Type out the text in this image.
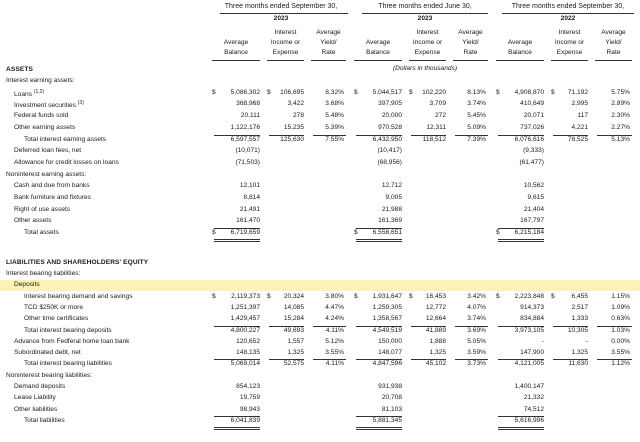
Three months ended September 30,
2023
Three months ended June 30,
2023
Three months ended September 30,
2022
Average
Balance
Interest
Income or
Expense
Average
Yield/
Rate
Average
Balance
Interest
Income or
Expense
Average
Yield/
Rate
Average
Balance
Interest
Income or
Expense
Average
Yield/
Rate
(Dollars in thousands)
ASSETS
LIABILITIES AND SHAREHOLDERS' EQUITY
Interest earning assets:
Loans $^{(1,2)}$	$	5,086,302 $	106,695	8.32% $	5,044,517 $	102,220	8.13% $	4,908,870 $	71,192	5.75%
Investment securities $^{(3)}$	368,968	3,422	3.68%	397,905	3,709	3.74%	410,649	2,995	2.89%
Federal funds sold	20,111	278	5.48%	20,000	272	5.45%	20,071	117	2.30%
Other earning assets	1,122,176	15,235	5.39%	970,528	12,311	5.09%	737,026	4,221	2.27%
Total interest earning assets	6,597,557	125,630	7.55%	6,432,950	118,512	7.39%	6,076,616	78,525	5.13%
Deferred loan fees, net	(10,071)	(10,417)	(9,333)
Allowance for credit losses on loans	(71,503)	(68,956)	(61,477)
Noninterest earning assets:
Cash and due from banks	12,101	12,712	10,562
Bank furniture and fixtures	8,814	9,005	9,615
Right of use assets	21,491	21,988	21,404
Other assets	161,470	161,369	167,797
Total assets	$	6,719,659	$	6,558,651	$	6,215,184
Interest bearing liabilities:
Deposits
Interest bearing demand and savings	$	2,119,373 $	20,324	3.80% $	1,931,647 $	16,453	3.42% $	2,223,848 $	6,455	1.15%
TCD $250K or more	1,251,397	14,085	4.47%	1,259,305	12,772	4.07%	914,373	2,517	1.09%
Other time certificates	1,429,457	15,284	4.24%	1,358,567	12,664	3.74%	834,884	1,333	0.63%
Total interest bearing deposits	4,800,227	49,693	4.11%	4,549,519	41,889	3.69%	3,973,105	10,305	1.03%
Advance from Fedferal home loan bank	120,652	1,557	5.12%	150,000	1,888	5.05%	-	-	0.00%
Subordinated debt, net	148,135	1,325	3.55%	148,077	1,325	3.59%	147,900	1,325	3.55%
Total interest bearing liabilities	5,069,014	52,575	4.11%	4,847,596	45,102	3.73%	4,121,005	11,630	1.12%
Noninterest bearing liabilities:
Demand deposits	854,123	931,938	1,400,147
Lease Liability	19,759	20,708	21,332
Other liabilities	98,943	81,103	74,512
Total liabilities	6,041,839	5,881,345	5,616,996
